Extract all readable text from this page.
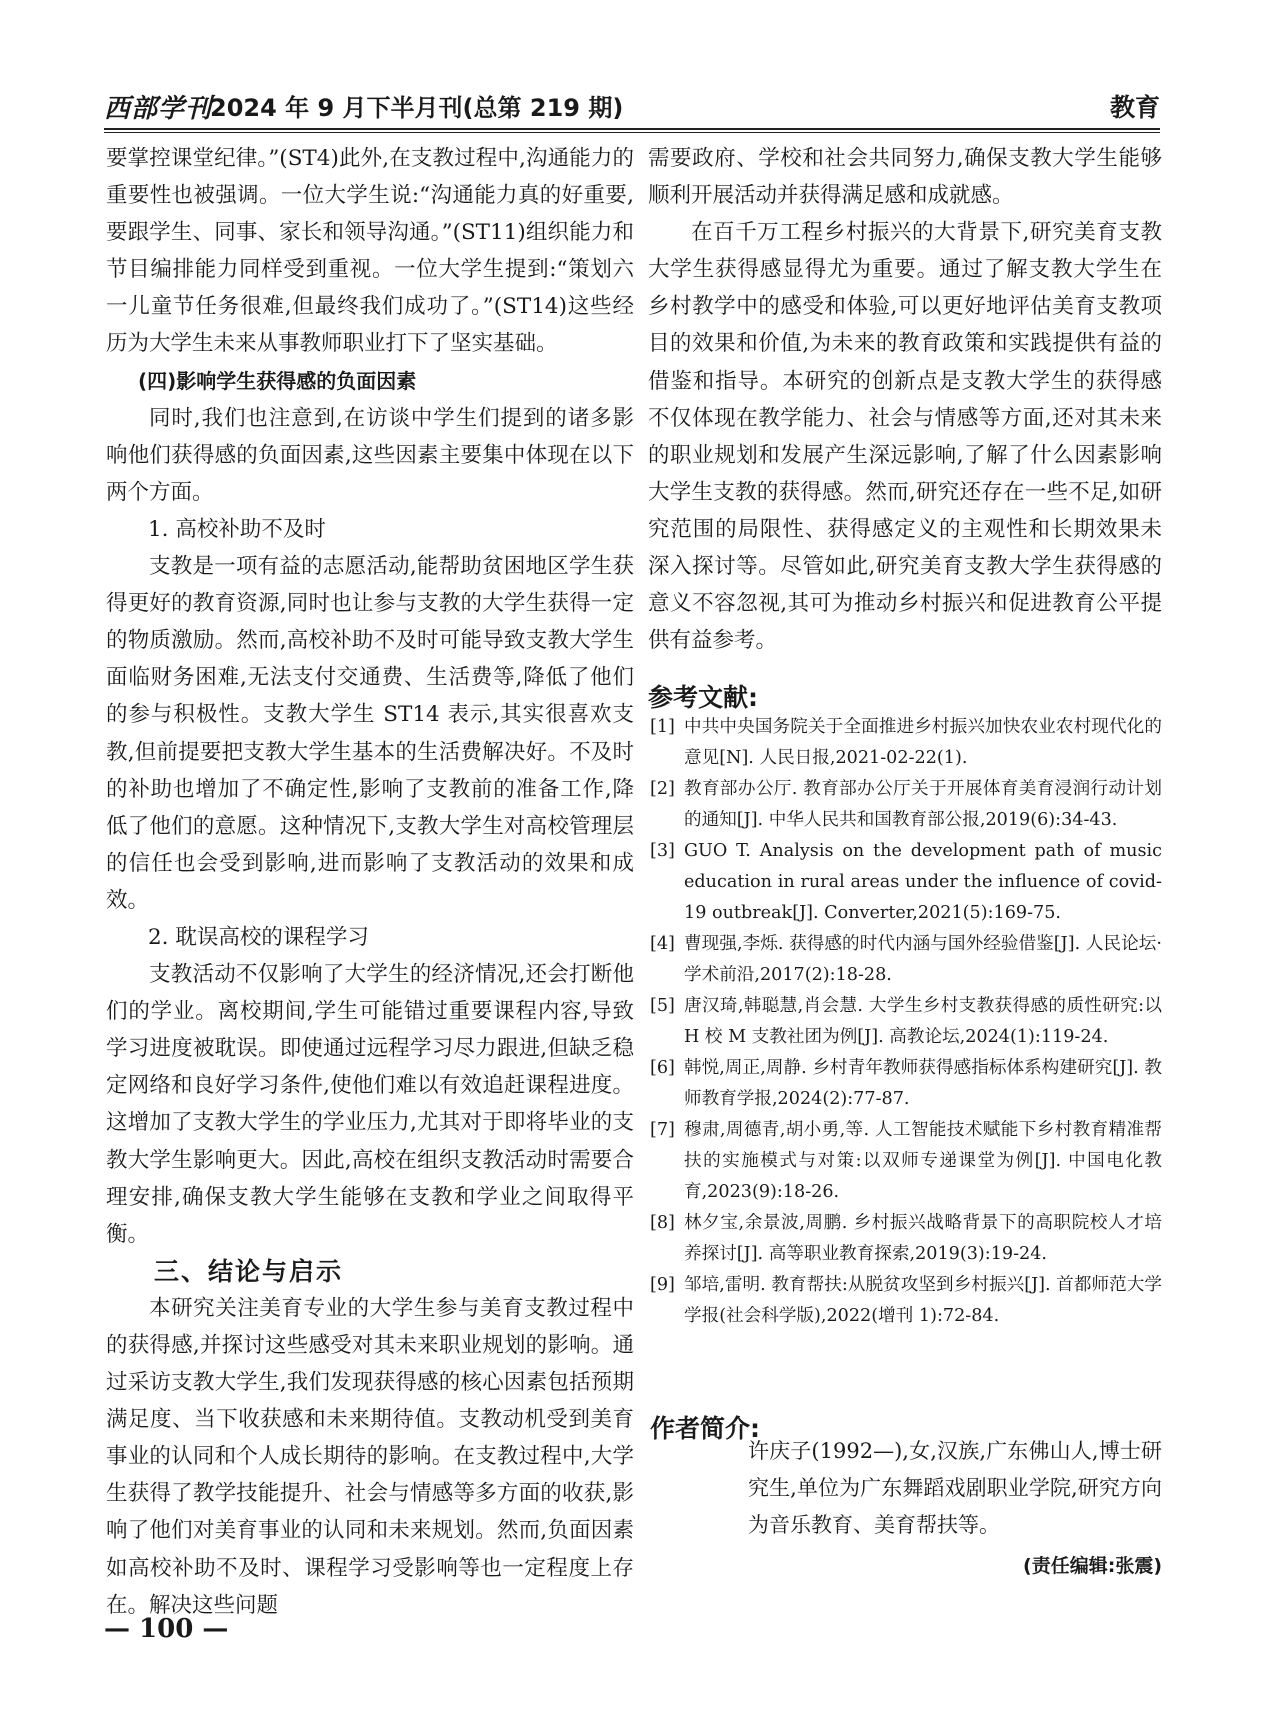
西部学刊
2024 年 9 月下半月刊(总第 219 期)	教育

要掌控课堂纪律。”(ST4)此外,在支教过程中,沟通能力的重要性也被强调。一位大学生说:“沟通能力真的好重要,要跟学生、同事、家长和领导沟通。”(ST11)组织能力和节目编排能力同样受到重视。一位大学生提到:“策划六一儿童节任务很难,但最终我们成功了。”(ST14)这些经历为大学生未来从事教师职业打下了坚实基础。

(四)影响学生获得感的负面因素

同时,我们也注意到,在访谈中学生们提到的诸多影响他们获得感的负面因素,这些因素主要集中体现在以下两个方面。

1. 高校补助不及时

支教是一项有益的志愿活动,能帮助贫困地区学生获得更好的教育资源,同时也让参与支教的大学生获得一定的物质激励。然而,高校补助不及时可能导致支教大学生面临财务困难,无法支付交通费、生活费等,降低了他们的参与积极性。支教大学生 ST14 表示,其实很喜欢支教,但前提要把支教大学生基本的生活费解决好。不及时的补助也增加了不确定性,影响了支教前的准备工作,降低了他们的意愿。这种情况下,支教大学生对高校管理层的信任也会受到影响,进而影响了支教活动的效果和成效。

2. 耽误高校的课程学习

支教活动不仅影响了大学生的经济情况,还会打断他们的学业。离校期间,学生可能错过重要课程内容,导致学习进度被耽误。即使通过远程学习尽力跟进,但缺乏稳定网络和良好学习条件,使他们难以有效追赶课程进度。这增加了支教大学生的学业压力,尤其对于即将毕业的支教大学生影响更大。因此,高校在组织支教活动时需要合理安排,确保支教大学生能够在支教和学业之间取得平衡。

三、结论与启示

本研究关注美育专业的大学生参与美育支教过程中的获得感,并探讨这些感受对其未来职业规划的影响。通过采访支教大学生,我们发现获得感的核心因素包括预期满足度、当下收获感和未来期待值。支教动机受到美育事业的认同和个人成长期待的影响。在支教过程中,大学生获得了教学技能提升、社会与情感等多方面的收获,影响了他们对美育事业的认同和未来规划。然而,负面因素如高校补助不及时、课程学习受影响等也一定程度上存在。解决这些问题

需要政府、学校和社会共同努力,确保支教大学生能够顺利开展活动并获得满足感和成就感。

在百千万工程乡村振兴的大背景下,研究美育支教大学生获得感显得尤为重要。通过了解支教大学生在乡村教学中的感受和体验,可以更好地评估美育支教项目的效果和价值,为未来的教育政策和实践提供有益的借鉴和指导。本研究的创新点是支教大学生的获得感不仅体现在教学能力、社会与情感等方面,还对其未来的职业规划和发展产生深远影响,了解了什么因素影响大学生支教的获得感。然而,研究还存在一些不足,如研究范围的局限性、获得感定义的主观性和长期效果未深入探讨等。尽管如此,研究美育支教大学生获得感的意义不容忽视,其可为推动乡村振兴和促进教育公平提供有益参考。

参考文献:
[1] 中共中央国务院关于全面推进乡村振兴加快农业农村现代化的意见[N]. 人民日报,2021-02-22(1).
[2] 教育部办公厅. 教育部办公厅关于开展体育美育浸润行动计划的通知[J]. 中华人民共和国教育部公报,2019(6):34-43.
[3] GUO T. Analysis on the development path of music education in rural areas under the influence of covid-19 outbreak[J]. Converter,2021(5):169-75.
[4] 曹现强,李烁. 获得感的时代内涵与国外经验借鉴[J]. 人民论坛·学术前沿,2017(2):18-28.
[5] 唐汉琦,韩聪慧,肖会慧. 大学生乡村支教获得感的质性研究:以 H 校 M 支教社团为例[J]. 高教论坛,2024(1):119-24.
[6] 韩悦,周正,周静. 乡村青年教师获得感指标体系构建研究[J]. 教师教育学报,2024(2):77-87.
[7] 穆肃,周德青,胡小勇,等. 人工智能技术赋能下乡村教育精准帮扶的实施模式与对策:以双师专递课堂为例[J]. 中国电化教育,2023(9):18-26.
[8] 林夕宝,余景波,周鹏. 乡村振兴战略背景下的高职院校人才培养探讨[J]. 高等职业教育探索,2019(3):19-24.
[9] 邹培,雷明. 教育帮扶:从脱贫攻坚到乡村振兴[J]. 首都师范大学学报(社会科学版),2022(增刊 1):72-84.
作者简介:

许庆子(1992—),女,汉族,广东佛山人,博士研究生,单位为广东舞蹈戏剧职业学院,研究方向为音乐教育、美育帮扶等。

(责任编辑:张震)
— 100 —
